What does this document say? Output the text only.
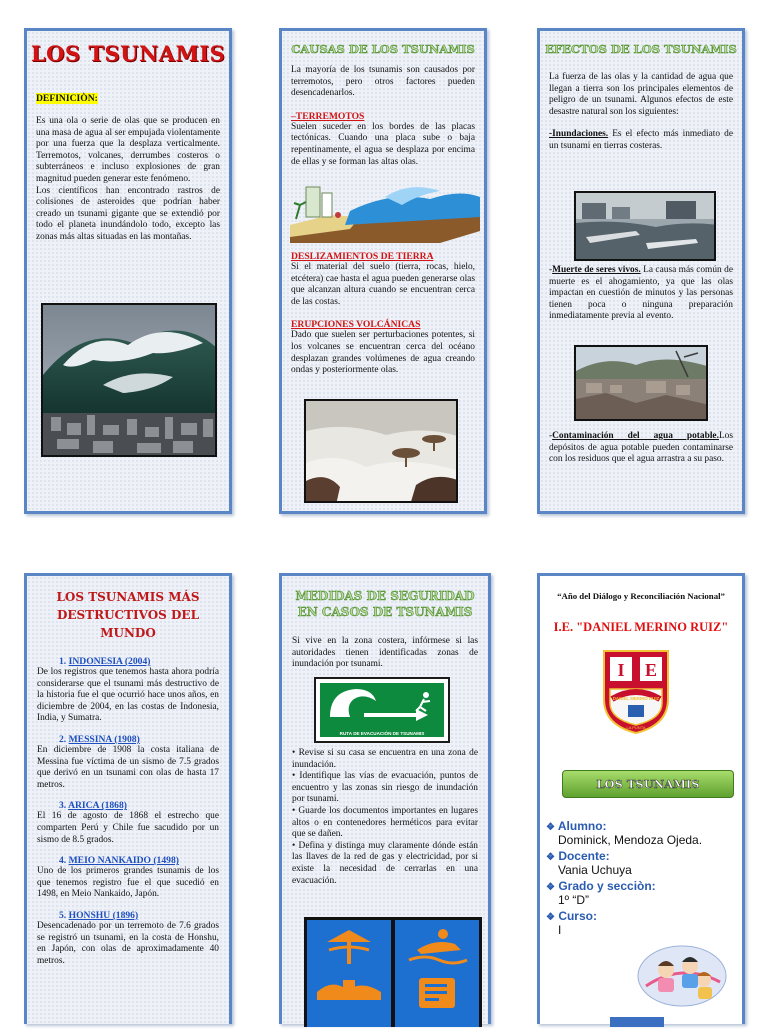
LOS TSUNAMIS
DEFINICIÒN:

Es una ola o serie de olas que se producen en una masa de agua al ser empujada violentamente por una fuerza que la desplaza verticalmente. Terremotos, volcanes, derrumbes costeros o subterráneos e incluso explosiones de gran magnitud pueden generar este fenómeno.

Los científicos han encontrado rastros de colisiones de asteroides que podrían haber creado un tsunami gigante que se extendió por todo el planeta inundándolo todo, excepto las zonas más altas situadas en las montañas.

CAUSAS DE LOS TSUNAMIS

La mayoría de los tsunamis son causados por terremotos, pero otros factores pueden desencadenarlos.

–TERREMOTOS

Suelen suceder en los bordes de las placas tectónicas. Cuando una placa sube o baja repentinamente, el agua se desplaza por encima de ellas y se forman las altas olas.

DESLIZAMIENTOS DE TIERRA

Si el material del suelo (tierra, rocas, hielo, etcétera) cae hasta el agua pueden generarse olas que alcanzan altura cuando se encuentran cerca de las costas.

ERUPCIONES VOLCÁNICAS

Dado que suelen ser perturbaciones potentes, si los volcanes se encuentran cerca del océano desplazan grandes volúmenes de agua creando ondas y posteriormente olas.

EFECTOS DE LOS TSUNAMIS

La fuerza de las olas y la cantidad de agua que llegan a tierra son los principales elementos de peligro de un tsunami. Algunos efectos de este desastre natural son los siguientes:

-Inundaciones. Es el efecto más inmediato de un tsunami en tierras costeras.

-Muerte de seres vivos. La causa más común de muerte es el ahogamiento, ya que las olas impactan en cuestión de minutos y las personas tienen poca o ninguna preparación inmediatamente previa al evento.

-Contaminación del agua potable.Los depósitos de agua potable pueden contaminarse con los residuos que el agua arrastra a su paso.

LOS TSUNAMIS MÁS DESTRUCTIVOS DEL MUNDO
1. INDONESIA (2004)

De los registros que tenemos hasta ahora podría considerarse que el tsunami más destructivo de la historia fue el que ocurrió hace unos años, en diciembre de 2004, en las costas de Indonesia, India, y Sumatra.

2. MESSINA (1908)

En diciembre de 1908 la costa italiana de Messina fue víctima de un sismo de 7.5 grados que derivó en un tsunami con olas de hasta 17 metros.

3. ARICA (1868)

El 16 de agosto de 1868 el estrecho que comparten Perú y Chile fue sacudido por un sismo de 8.5 grados.

4. MEIO NANKAIDO (1498)

Uno de los primeros grandes tsunamis de los que tenemos registro fue el que sucedió en 1498, en Meio Nankaido, Japón.

5. HONSHU (1896)

Desencadenado por un terremoto de 7.6 grados se registró un tsunami, en la costa de Honshu, en Japón, con olas de aproximadamente 40 metros.

MEDIDAS DE SEGURIDAD
EN CASOS DE TSUNAMIS

Si vive en la zona costera, infórmese si las autoridades tienen identificadas zonas de inundación por tsunami.

RUTA DE EVACUACIÓN DE TSUNAMIS

• Revise si su casa se encuentra en una zona de inundación.

• Identifique las vías de evacuación, puntos de encuentro y las zonas sin riesgo de inundación por tsunami.

• Guarde los documentos importantes en lugares altos o en contenedores herméticos para evitar que se dañen.

• Defina y distinga muy claramente dónde están las llaves de la red de gas y electricidad, por si existe la necesidad de cerrarlas en una evacuación.

“Año del Diálogo y Reconciliación Nacional”
I.E. "DANIEL MERINO RUIZ"
I E
DANIEL MERINO RUIZ
LA PUNTA
LOS TSUNAMIS
❖ Alumno:
Dominick, Mendoza Ojeda.
❖ Docente:
Vania Uchuya
❖ Grado y secciòn:
1º “D”
❖ Curso:
I
